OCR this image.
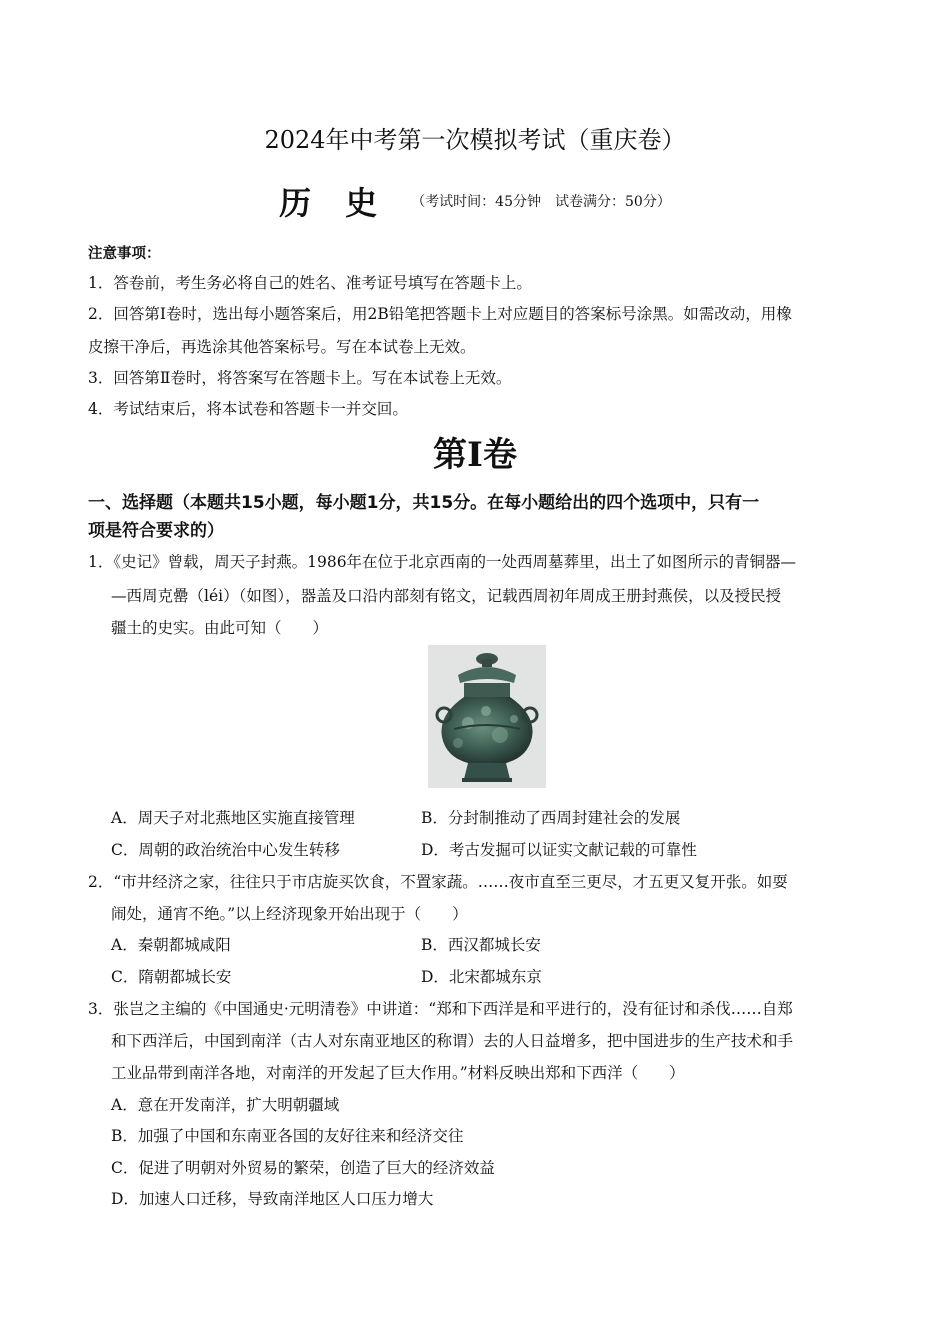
2024年中考第一次模拟考试（重庆卷）
历史（考试时间：45分钟　试卷满分：50分）
注意事项：
1．答卷前，考生务必将自己的姓名、准考证号填写在答题卡上。
2．回答第Ⅰ卷时，选出每小题答案后，用2B铅笔把答题卡上对应题目的答案标号涂黑。如需改动，用橡
皮擦干净后，再选涂其他答案标号。写在本试卷上无效。
3．回答第Ⅱ卷时，将答案写在答题卡上。写在本试卷上无效。
4．考试结束后，将本试卷和答题卡一并交回。
第Ⅰ卷
一、选择题（本题共15小题，每小题1分，共15分。在每小题给出的四个选项中，只有一
项是符合要求的）
1．《史记》曾载，周天子封燕。1986年在位于北京西南的一处西周墓葬里，出土了如图所示的青铜器—
—西周克罍（léi）（如图），器盖及口沿内部刻有铭文，记载西周初年周成王册封燕侯，以及授民授
疆土的史实。由此可知（　　）
A．周天子对北燕地区实施直接管理	B．分封制推动了西周封建社会的发展
C．周朝的政治统治中心发生转移	D．考古发掘可以证实文献记载的可靠性
2．“市井经济之家，往往只于市店旋买饮食，不置家蔬。……夜市直至三更尽，才五更又复开张。如耍
闹处，通宵不绝。”以上经济现象开始出现于（　　）
A．秦朝都城咸阳	B．西汉都城长安
C．隋朝都城长安	D．北宋都城东京
3．张岂之主编的《中国通史·元明清卷》中讲道：“郑和下西洋是和平进行的，没有征讨和杀伐……自郑
和下西洋后，中国到南洋（古人对东南亚地区的称谓）去的人日益增多，把中国进步的生产技术和手
工业品带到南洋各地，对南洋的开发起了巨大作用。”材料反映出郑和下西洋（　　）
A．意在开发南洋，扩大明朝疆域
B．加强了中国和东南亚各国的友好往来和经济交往
C．促进了明朝对外贸易的繁荣，创造了巨大的经济效益
D．加速人口迁移，导致南洋地区人口压力增大
